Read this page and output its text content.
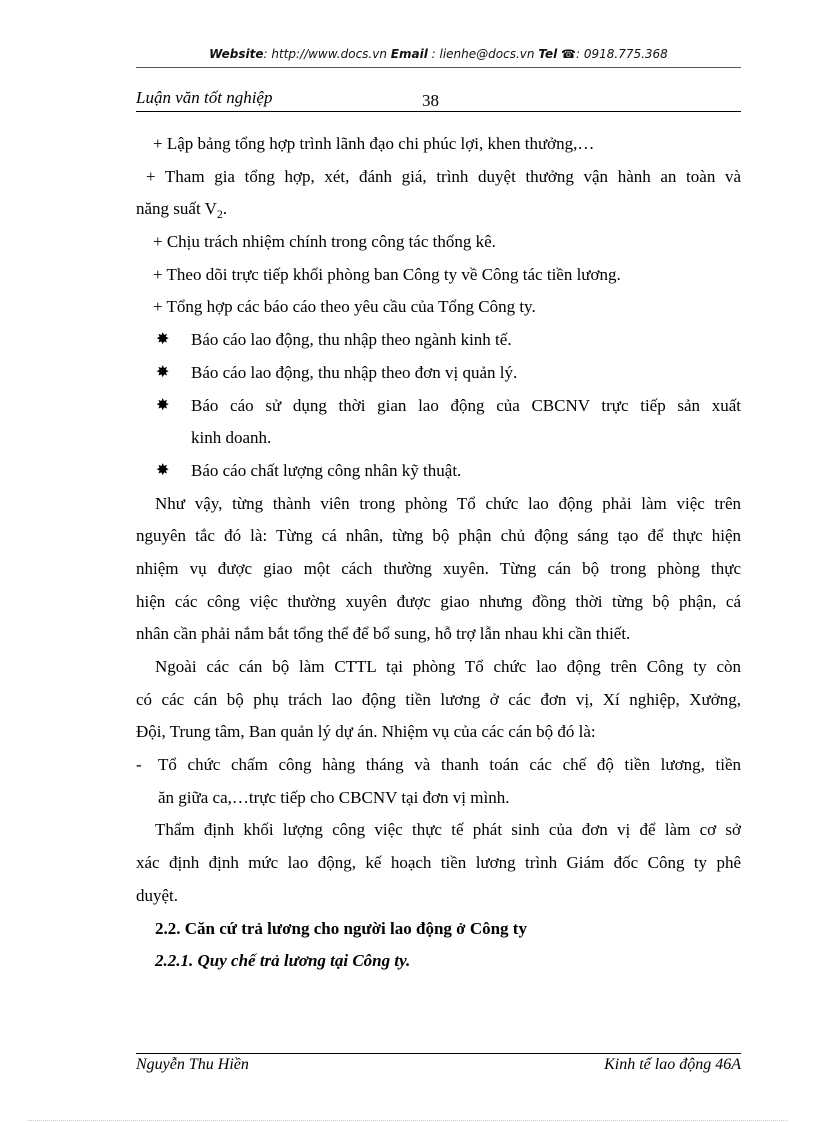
Website: http://www.docs.vn Email : lienhe@docs.vn Tel ☎: 0918.775.368
Luận văn tốt nghiệp	38
+ Lập bảng tổng hợp trình lãnh đạo chi phúc lợi, khen thưởng,…
+ Tham gia tổng hợp, xét, đánh giá, trình duyệt thưởng vận hành an toàn và
năng suất $V_2$.
+ Chịu trách nhiệm chính trong công tác thống kê.
+ Theo dõi trực tiếp khối phòng ban Công ty về Công tác tiền lương.
+ Tổng hợp các báo cáo theo yêu cầu của Tổng Công ty.
✸ Báo cáo lao động, thu nhập theo ngành kinh tế.
✸ Báo cáo lao động, thu nhập theo đơn vị quản lý.
✸ Báo cáo sử dụng thời gian lao động của CBCNV trực tiếp sản xuất
kinh doanh.
✸ Báo cáo chất lượng công nhân kỹ thuật.
Như vậy, từng thành viên trong phòng Tổ chức lao động phải làm việc trên
nguyên tắc đó là: Từng cá nhân, từng bộ phận chủ động sáng tạo để thực hiện
nhiệm vụ được giao một cách thường xuyên. Từng cán bộ trong phòng thực
hiện các công việc thường xuyên được giao nhưng đồng thời từng bộ phận, cá
nhân cần phải nắm bắt tổng thể để bổ sung, hỗ trợ lẫn nhau khi cần thiết.
Ngoài các cán bộ làm CTTL tại phòng Tổ chức lao động trên Công ty còn
có các cán bộ phụ trách lao động tiền lương ở các đơn vị, Xí nghiệp, Xưởng,
Đội, Trung tâm, Ban quản lý dự án. Nhiệm vụ của các cán bộ đó là:
- Tổ chức chấm công hàng tháng và thanh toán các chế độ tiền lương, tiền
ăn giữa ca,…trực tiếp cho CBCNV tại đơn vị mình.
Thẩm định khối lượng công việc thực tế phát sinh của đơn vị để làm cơ sở
xác định định mức lao động, kế hoạch tiền lương trình Giám đốc Công ty phê
duyệt.
2.2. Căn cứ trả lương cho người lao động ở Công ty
2.2.1. Quy chế trả lương tại Công ty.
Nguyễn Thu Hiền	Kinh tế lao động 46A
